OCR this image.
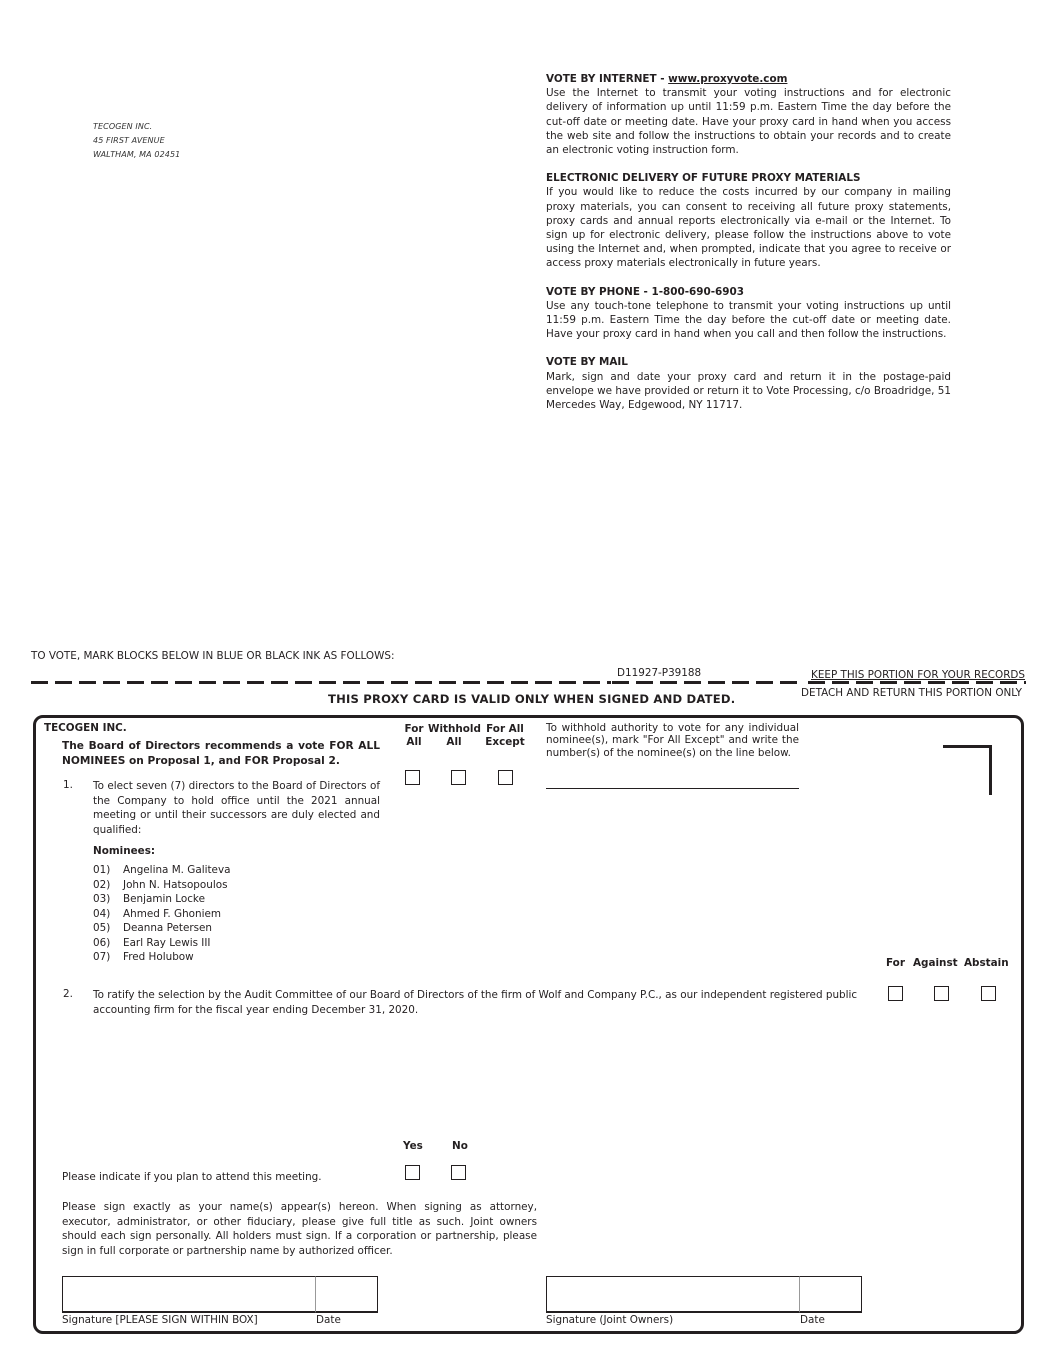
TECOGEN INC.
45 FIRST AVENUE
WALTHAM, MA 02451
VOTE BY INTERNET - www.proxyvote.com

Use the Internet to transmit your voting instructions and for electronic delivery of information up until 11:59 p.m. Eastern Time the day before the cut-off date or meeting date. Have your proxy card in hand when you access the web site and follow the instructions to obtain your records and to create an electronic voting instruction form.

ELECTRONIC DELIVERY OF FUTURE PROXY MATERIALS

If you would like to reduce the costs incurred by our company in mailing proxy materials, you can consent to receiving all future proxy statements, proxy cards and annual reports electronically via e-mail or the Internet. To sign up for electronic delivery, please follow the instructions above to vote using the Internet and, when prompted, indicate that you agree to receive or access proxy materials electronically in future years.

VOTE BY PHONE - 1-800-690-6903

Use any touch-tone telephone to transmit your voting instructions up until 11:59 p.m. Eastern Time the day before the cut-off date or meeting date. Have your proxy card in hand when you call and then follow the instructions.

VOTE BY MAIL

Mark, sign and date your proxy card and return it in the postage-paid envelope we have provided or return it to Vote Processing, c/o Broadridge, 51 Mercedes Way, Edgewood, NY 11717.

TO VOTE, MARK BLOCKS BELOW IN BLUE OR BLACK INK AS FOLLOWS:
D11927-P39188	KEEP THIS PORTION FOR YOUR RECORDS
DETACH AND RETURN THIS PORTION ONLY
THIS PROXY CARD IS VALID ONLY WHEN SIGNED AND DATED.
TECOGEN INC.
The Board of Directors recommends a vote FOR ALL NOMINEES on Proposal 1, and FOR Proposal 2.
1. To elect seven (7) directors to the Board of Directors of the Company to hold office until the 2021 annual meeting or until their successors are duly elected and qualified:
For
All
Withhold
All
For All
Except
To withhold authority to vote for any individual nominee(s), mark "For All Except" and write the number(s) of the nominee(s) on the line below.
Nominees:
01)	Angelina M. Galiteva
02)	John N. Hatsopoulos
03)	Benjamin Locke
04)	Ahmed F. Ghoniem
05)	Deanna Petersen
06)	Earl Ray Lewis III
07)	Fred Holubow	For Against Abstain
2. To ratify the selection by the Audit Committee of our Board of Directors of the firm of Wolf and Company P.C., as our independent registered public accounting firm for the fiscal year ending December 31, 2020.
Yes	No
Please indicate if you plan to attend this meeting.
Please sign exactly as your name(s) appear(s) hereon. When signing as attorney, executor, administrator, or other fiduciary, please give full title as such. Joint owners should each sign personally. All holders must sign. If a corporation or partnership, please sign in full corporate or partnership name by authorized officer.
Signature [PLEASE SIGN WITHIN BOX]	Date	Signature (Joint Owners)	Date
